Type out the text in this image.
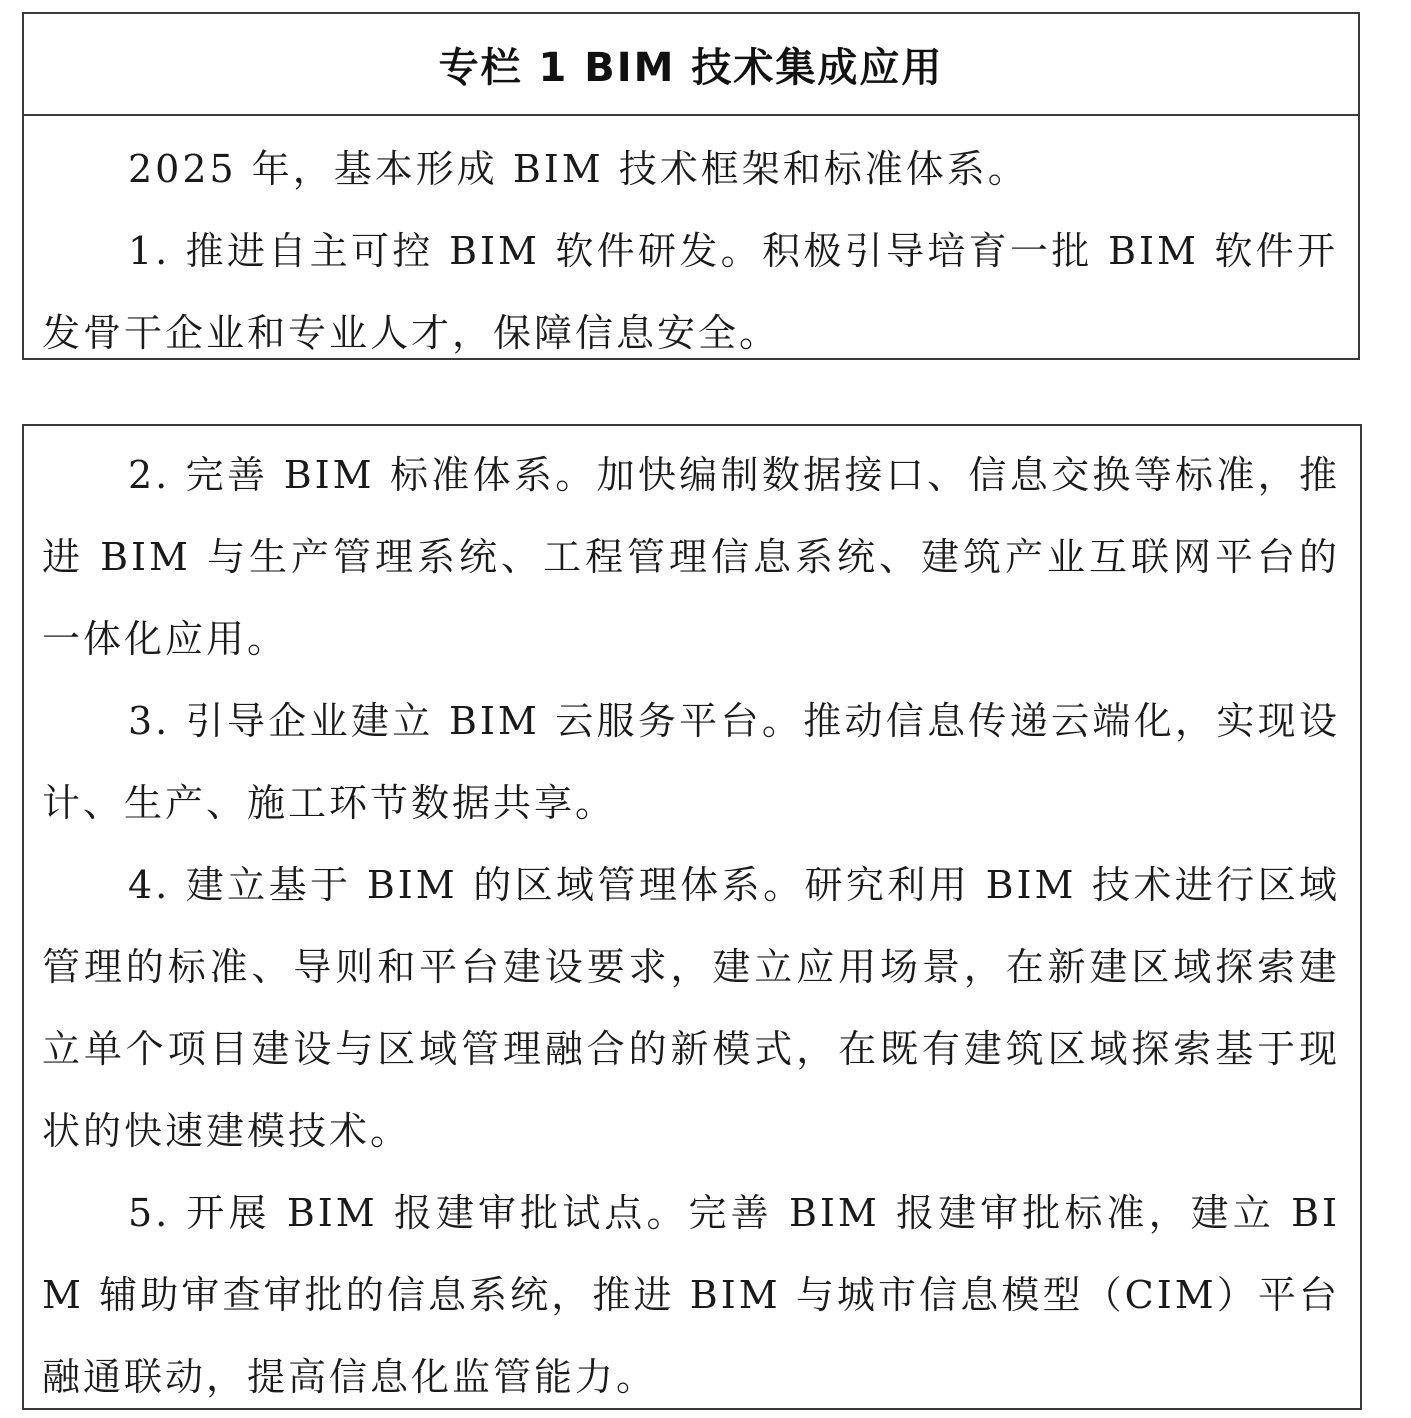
专栏 1 BIM 技术集成应用

2025 年，基本形成 BIM 技术框架和标准体系。

1. 推进自主可控 BIM 软件研发。积极引导培育一批 BIM 软件开发骨干企业和专业人才，保障信息安全。

2. 完善 BIM 标准体系。加快编制数据接口、信息交换等标准，推进 BIM 与生产管理系统、工程管理信息系统、建筑产业互联网平台的一体化应用。

3. 引导企业建立 BIM 云服务平台。推动信息传递云端化，实现设计、生产、施工环节数据共享。

4. 建立基于 BIM 的区域管理体系。研究利用 BIM 技术进行区域管理的标准、导则和平台建设要求，建立应用场景，在新建区域探索建立单个项目建设与区域管理融合的新模式，在既有建筑区域探索基于现状的快速建模技术。

5. 开展 BIM 报建审批试点。完善 BIM 报建审批标准，建立 BIM 辅助审查审批的信息系统，推进 BIM 与城市信息模型（CIM）平台融通联动，提高信息化监管能力。
